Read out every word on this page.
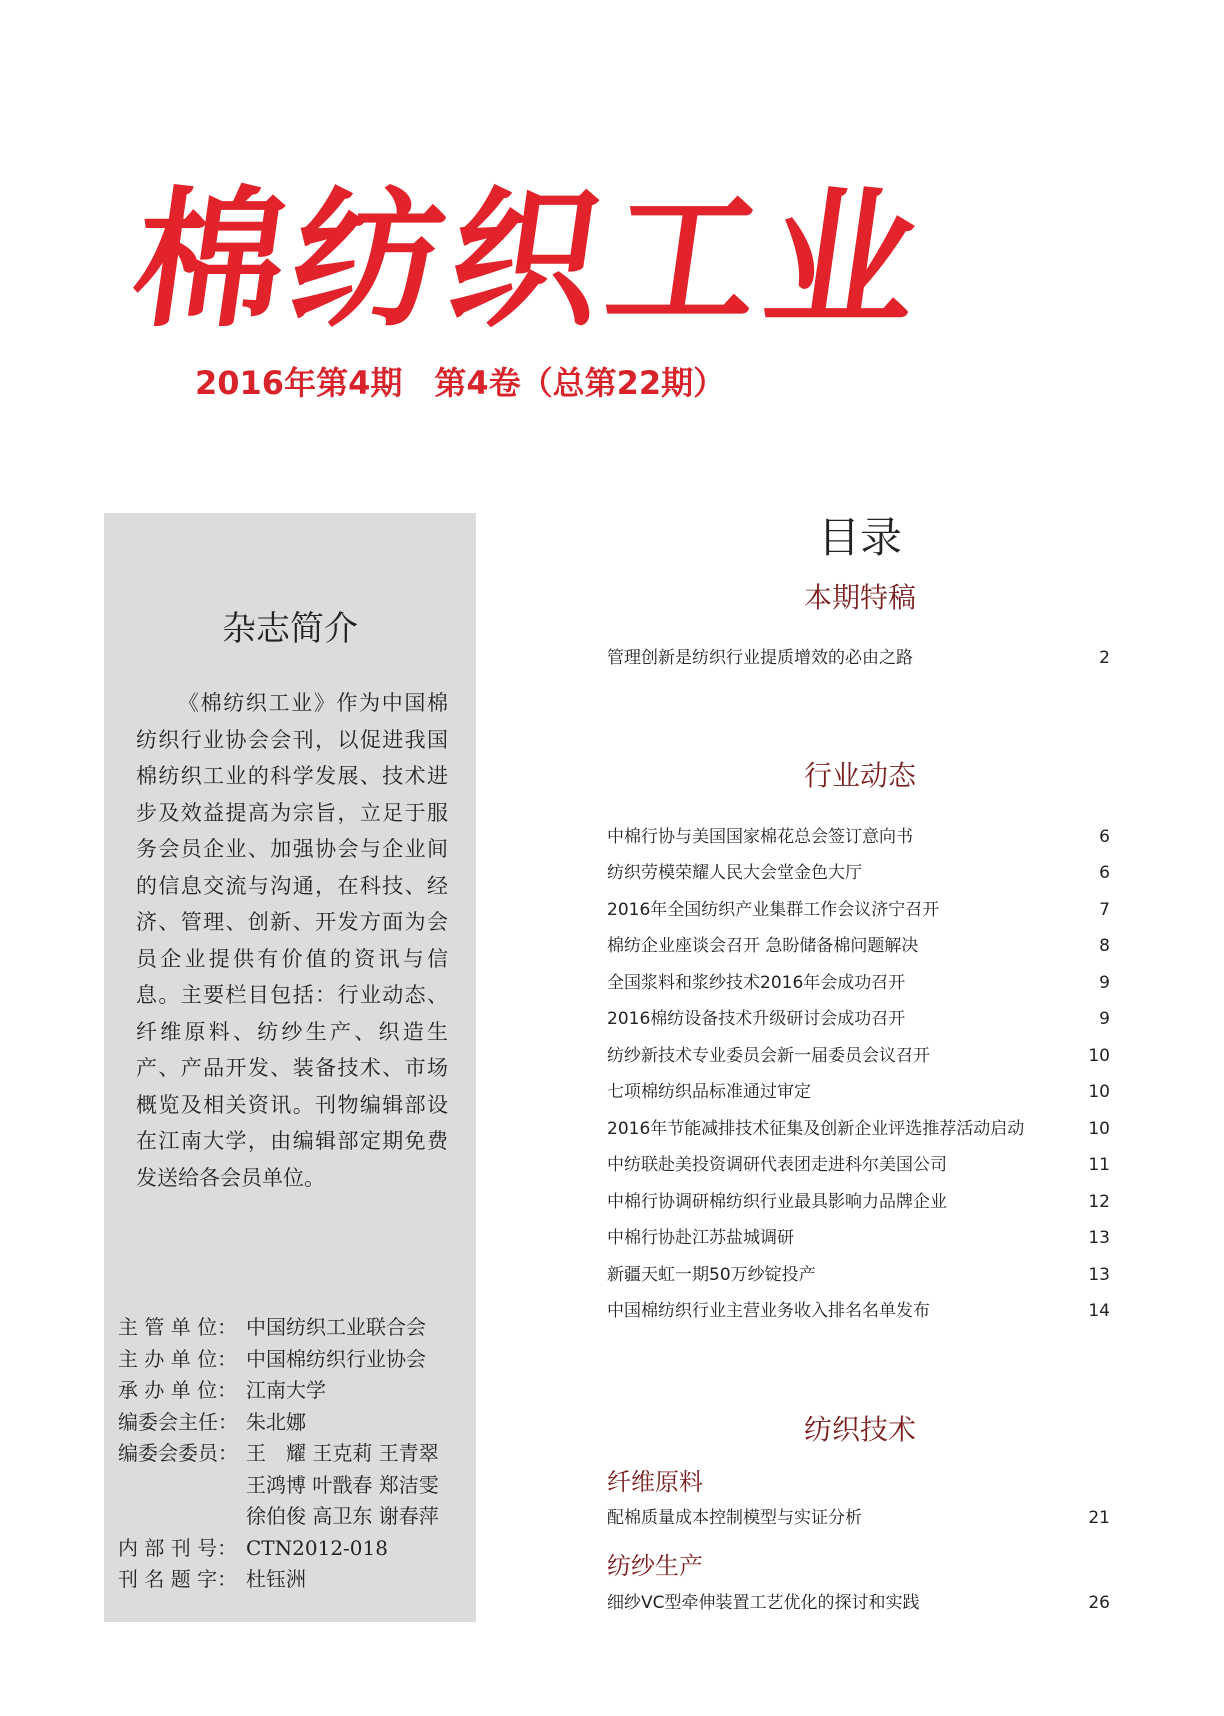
棉纺织工业
2016年第4期　第4卷（总第22期）
杂志简介

《棉纺织工业》作为中国棉纺织行业协会会刊，以促进我国棉纺织工业的科学发展、技术进步及效益提高为宗旨，立足于服务会员企业、加强协会与企业间的信息交流与沟通，在科技、经济、管理、创新、开发方面为会员企业提供有价值的资讯与信息。主要栏目包括：行业动态、纤维原料、纺纱生产、织造生产、产品开发、装备技术、市场概览及相关资讯。刊物编辑部设在江南大学，由编辑部定期免费发送给各会员单位。

主 管 单 位： 中国纺织工业联合会
主 办 单 位： 中国棉纺织行业协会
承 办 单 位： 江南大学
编委会主任： 朱北娜
编委会委员： 王　耀 王克莉 王青翠
王鸿博 叶戬春 郑洁雯
徐伯俊 高卫东 谢春萍
内 部 刊 号： CTN2012-018
刊 名 题 字： 杜钰洲
目录
本期特稿
管理创新是纺织行业提质增效的必由之路	2
行业动态
中棉行协与美国国家棉花总会签订意向书	6
纺织劳模荣耀人民大会堂金色大厅	6
2016年全国纺织产业集群工作会议济宁召开	7
棉纺企业座谈会召开 急盼储备棉问题解决	8
全国浆料和浆纱技术2016年会成功召开	9
2016棉纺设备技术升级研讨会成功召开	9
纺纱新技术专业委员会新一届委员会议召开	10
七项棉纺织品标准通过审定	10
2016年节能减排技术征集及创新企业评选推荐活动启动	10
中纺联赴美投资调研代表团走进科尔美国公司	11
中棉行协调研棉纺织行业最具影响力品牌企业	12
中棉行协赴江苏盐城调研	13
新疆天虹一期50万纱锭投产	13
中国棉纺织行业主营业务收入排名名单发布	14
纺织技术
纤维原料
配棉质量成本控制模型与实证分析	21
纺纱生产
细纱VC型牵伸装置工艺优化的探讨和实践	26
